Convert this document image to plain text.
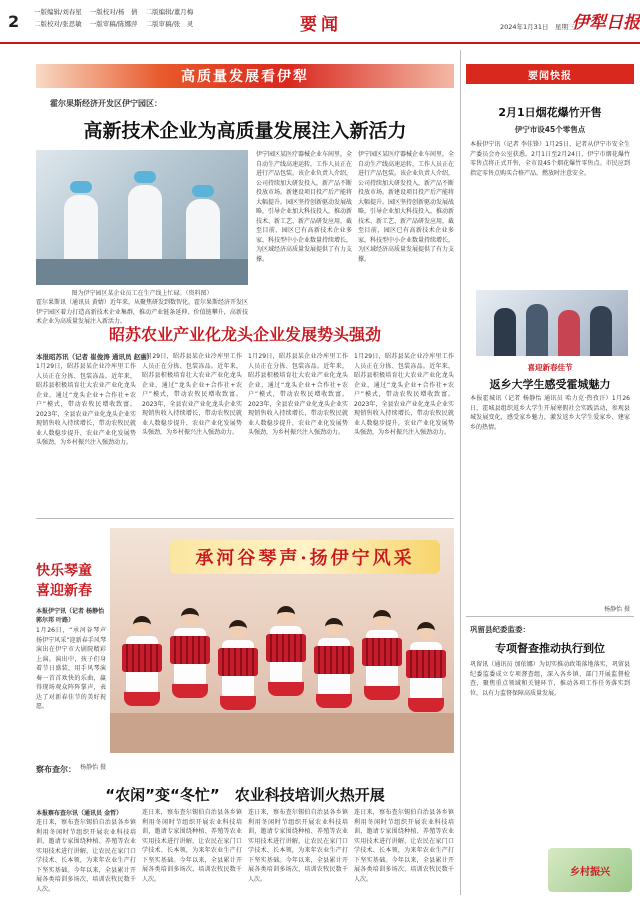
2 一版编辑/刘春星 一版校对/杨　倩 二版编辑/董月梅 二版校对/张思敏 一版审稿/陈娜萍 二版审稿/张　灵	要闻	2024年1月31日　星期三
伊犁日报
高质量发展看伊犁
霍尔果斯经济开发区伊宁园区：
高新技术企业为高质量发展注入新活力
图为伊宁园区某企业员工在生产线上忙碌。（资料图）
霍尔果斯讯（通讯员 黄婧）近年来，从聚焦研发到数智化，霍尔果斯经济开发区伊宁园区着力打造高新技术企业集群，推动产业链条延伸、价值链攀升，高新技术企业为高质量发展注入新活力。
伊宁园区某医疗器械企业车间里，全自动生产线高速运转，工作人员正在进行产品包装。该企业负责人介绍，公司持续加大研发投入，新产品不断投放市场。新建设项目投产后产能将大幅提升。园区坚持创新驱动发展战略，引导企业加大科技投入，推动新技术、新工艺、新产品研发应用，截至目前，园区已有高新技术企业多家，科技型中小企业数量持续增长，为区域经济高质量发展提供了有力支撑。
伊宁园区某医疗器械企业车间里，全自动生产线高速运转，工作人员正在进行产品包装。该企业负责人介绍，公司持续加大研发投入，新产品不断投放市场。新建设项目投产后产能将大幅提升。园区坚持创新驱动发展战略，引导企业加大科技投入，推动新技术、新工艺、新产品研发应用，截至目前，园区已有高新技术企业多家，科技型中小企业数量持续增长，为区域经济高质量发展提供了有力支撑。
昭苏农业产业化龙头企业发展势头强劲
本报昭苏讯（记者 崔俊涛 通讯员 赵丽）
1月29日，昭苏县某企业冷库里工作人员正在分拣、包装冻品。近年来，昭苏县积极培育壮大农业产业化龙头企业，通过“龙头企业+合作社+农户”模式，带动农牧民增收致富。2023年，全县农业产业化龙头企业实现销售收入持续增长，带动农牧民就业人数稳步提升，农业产业化发展势头强劲，为乡村振兴注入强劲动力。
1月29日，昭苏县某企业冷库里工作人员正在分拣、包装冻品。近年来，昭苏县积极培育壮大农业产业化龙头企业，通过“龙头企业+合作社+农户”模式，带动农牧民增收致富。2023年，全县农业产业化龙头企业实现销售收入持续增长，带动农牧民就业人数稳步提升，农业产业化发展势头强劲，为乡村振兴注入强劲动力。
1月29日，昭苏县某企业冷库里工作人员正在分拣、包装冻品。近年来，昭苏县积极培育壮大农业产业化龙头企业，通过“龙头企业+合作社+农户”模式，带动农牧民增收致富。2023年，全县农业产业化龙头企业实现销售收入持续增长，带动农牧民就业人数稳步提升，农业产业化发展势头强劲，为乡村振兴注入强劲动力。
1月29日，昭苏县某企业冷库里工作人员正在分拣、包装冻品。近年来，昭苏县积极培育壮大农业产业化龙头企业，通过“龙头企业+合作社+农户”模式，带动农牧民增收致富。2023年，全县农业产业化龙头企业实现销售收入持续增长，带动农牧民就业人数稳步提升，农业产业化发展势头强劲，为乡村振兴注入强劲动力。
快乐琴童
喜迎新春
本报伊宁讯（记者 杨静怡 郭尔邦 叶路）
1月26日，“承河谷琴声 扬伊宁风采”迎新春手风琴演出在伊宁市大剧院精彩上演。演出中，孩子们身着节日盛装，用手风琴演奏一首首欢快的乐曲，赢得现场观众阵阵掌声，表达了对新春佳节的美好祝愿。
杨静怡 摄
承河谷琴声·扬伊宁风采
察布查尔：
“农闲”变“冬忙”　农业科技培训火热开展
本报察布查尔讯（通讯员 金哲）
连日来，察布查尔锡伯自治县各乡镇利用冬闲时节组织开展农业科技培训，邀请专家围绕种植、养殖等农业实用技术进行讲解，让农民在家门口学技术、长本领，为来年农业生产打下坚实基础。今年以来，全县累计开展各类培训多场次，培训农牧民数千人次。
连日来，察布查尔锡伯自治县各乡镇利用冬闲时节组织开展农业科技培训，邀请专家围绕种植、养殖等农业实用技术进行讲解，让农民在家门口学技术、长本领，为来年农业生产打下坚实基础。今年以来，全县累计开展各类培训多场次，培训农牧民数千人次。
连日来，察布查尔锡伯自治县各乡镇利用冬闲时节组织开展农业科技培训，邀请专家围绕种植、养殖等农业实用技术进行讲解，让农民在家门口学技术、长本领，为来年农业生产打下坚实基础。今年以来，全县累计开展各类培训多场次，培训农牧民数千人次。
连日来，察布查尔锡伯自治县各乡镇利用冬闲时节组织开展农业科技培训，邀请专家围绕种植、养殖等农业实用技术进行讲解，让农民在家门口学技术、长本领，为来年农业生产打下坚实基础。今年以来，全县累计开展各类培训多场次，培训农牧民数千人次。
要闻快报
2月1日烟花爆竹开售
伊宁市设45个零售点
本报伊宁讯（记者 李佳锋）1月25日，记者从伊宁市安全生产委员会办公室获悉，2月1日至2月24日，伊宁市烟花爆竹零售点将正式开售，全市设45个烟花爆竹零售点。市民应到指定零售点购买合格产品，燃放时注意安全。
喜迎新春佳节
返乡大学生感受霍城魅力
本报霍城讯（记者 杨静怡 通讯员 哈力克·热孜汗）1月26日，霍城县组织返乡大学生开展寒假社会实践活动，参观县城发展变化，感受家乡魅力，激发返乡大学生爱家乡、建家乡的热情。
杨静怡 摄
巩留县纪委监委：
专项督查推动执行到位
巩留讯（通讯员 加依娜）为切实推动政策落地落实，巩留县纪委监委成立专项督查组，深入各乡镇、部门开展监督检查，聚焦重点领域和关键环节，推动各项工作任务落实到位，以有力监督保障高质量发展。
乡村振兴
